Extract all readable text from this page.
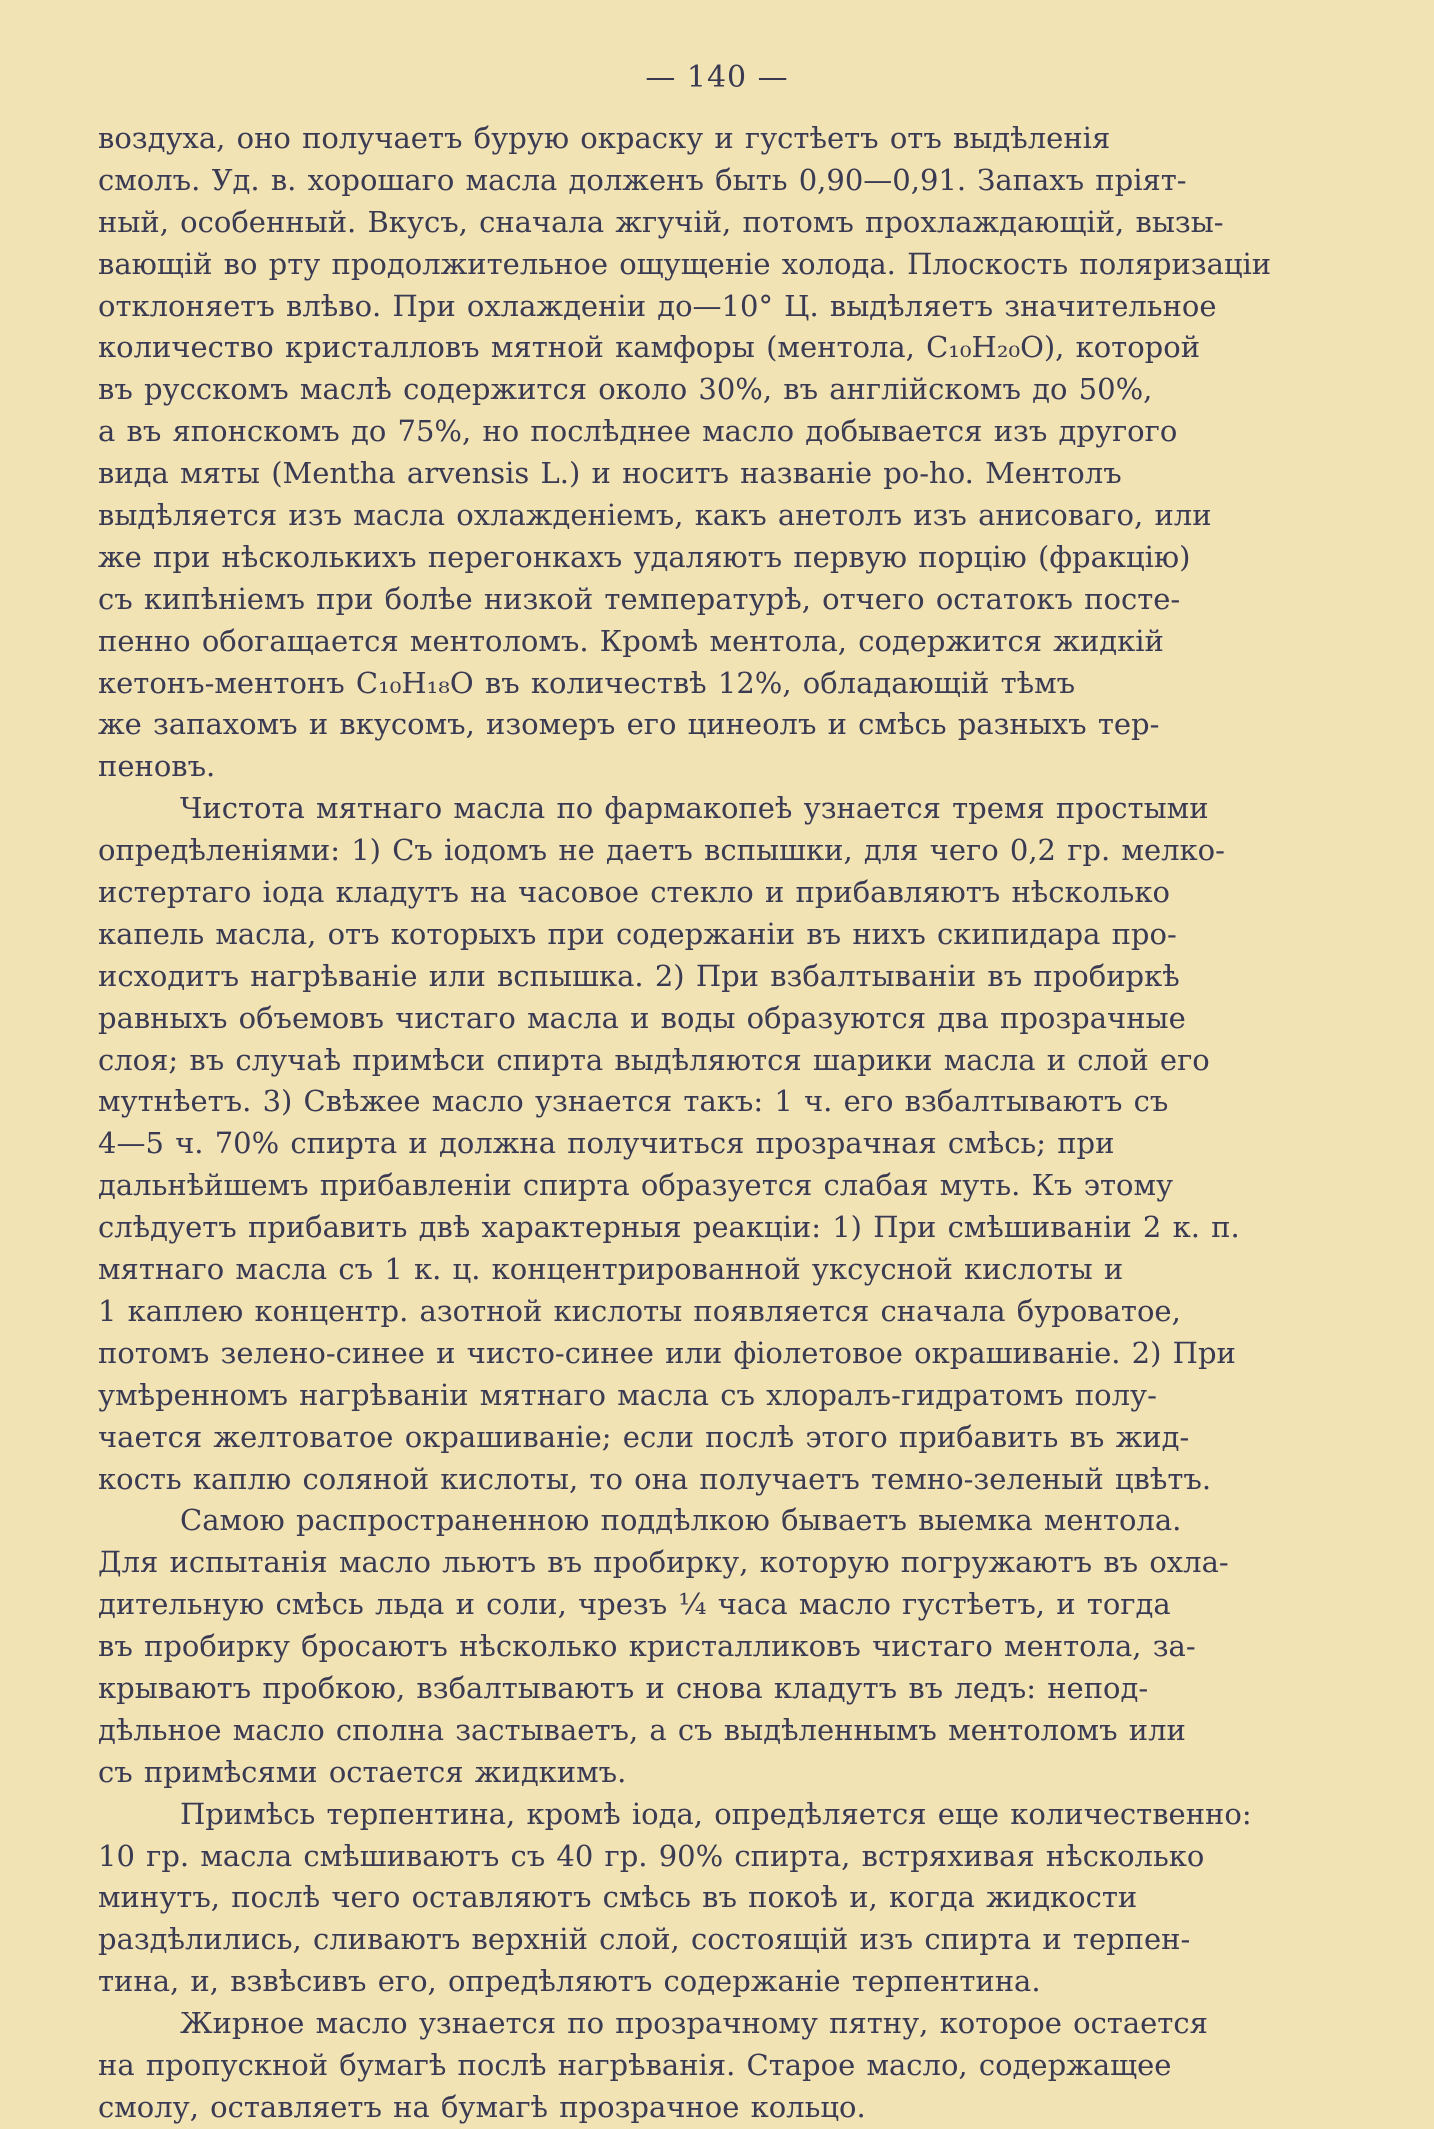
— 140 —
воздуха, оно получаетъ бурую окраску и густѣетъ отъ выдѣленія
смолъ. Уд. в. хорошаго масла долженъ быть 0,90—0,91. Запахъ пріят-
ный, особенный. Вкусъ, сначала жгучій, потомъ прохлаждающій, вызы-
вающій во рту продолжительное ощущеніе холода. Плоскость поляризаціи
отклоняетъ влѣво. При охлажденіи до—10° Ц. выдѣляетъ значительное
количество кристалловъ мятной камфоры (ментола, C₁₀H₂₀O), которой
въ русскомъ маслѣ содержится около 30%, въ англійскомъ до 50%,
а въ японскомъ до 75%, но послѣднее масло добывается изъ другого
вида мяты (Mentha arvensis L.) и носитъ названіе po-ho. Ментолъ
выдѣляется изъ масла охлажденіемъ, какъ анетолъ изъ анисоваго, или
же при нѣсколькихъ перегонкахъ удаляютъ первую порцію (фракцію)
съ кипѣніемъ при болѣе низкой температурѣ, отчего остатокъ посте-
пенно обогащается ментоломъ. Кромѣ ментола, содержится жидкій
кетонъ-ментонъ C₁₀H₁₈O въ количествѣ 12%, обладающій тѣмъ
же запахомъ и вкусомъ, изомеръ его цинеолъ и смѣсь разныхъ тер-
пеновъ.
Чистота мятнаго масла по фармакопеѣ узнается тремя простыми
опредѣленіями: 1) Съ іодомъ не даетъ вспышки, для чего 0,2 гр. мелко-
истертаго іода кладутъ на часовое стекло и прибавляютъ нѣсколько
капель масла, отъ которыхъ при содержаніи въ нихъ скипидара про-
исходитъ нагрѣваніе или вспышка. 2) При взбалтываніи въ пробиркѣ
равныхъ объемовъ чистаго масла и воды образуются два прозрачные
слоя; въ случаѣ примѣси спирта выдѣляются шарики масла и слой его
мутнѣетъ. 3) Свѣжее масло узнается такъ: 1 ч. его взбалтываютъ съ
4—5 ч. 70% спирта и должна получиться прозрачная смѣсь; при
дальнѣйшемъ прибавленіи спирта образуется слабая муть. Къ этому
слѣдуетъ прибавить двѣ характерныя реакціи: 1) При смѣшиваніи 2 к. п.
мятнаго масла съ 1 к. ц. концентрированной уксусной кислоты и
1 каплею концентр. азотной кислоты появляется сначала буроватое,
потомъ зелено-синее и чисто-синее или фіолетовое окрашиваніе. 2) При
умѣренномъ нагрѣваніи мятнаго масла съ хлоралъ-гидратомъ полу-
чается желтоватое окрашиваніе; если послѣ этого прибавить въ жид-
кость каплю соляной кислоты, то она получаетъ темно-зеленый цвѣтъ.
Самою распространенною поддѣлкою бываетъ выемка ментола.
Для испытанія масло льютъ въ пробирку, которую погружаютъ въ охла-
дительную смѣсь льда и соли, чрезъ ¼ часа масло густѣетъ, и тогда
въ пробирку бросаютъ нѣсколько кристалликовъ чистаго ментола, за-
крываютъ пробкою, взбалтываютъ и снова кладутъ въ ледъ: непод-
дѣльное масло сполна застываетъ, а съ выдѣленнымъ ментоломъ или
съ примѣсями остается жидкимъ.
Примѣсь терпентина, кромѣ іода, опредѣляется еще количественно:
10 гр. масла смѣшиваютъ съ 40 гр. 90% спирта, встряхивая нѣсколько
минутъ, послѣ чего оставляютъ смѣсь въ покоѣ и, когда жидкости
раздѣлились, сливаютъ верхній слой, состоящій изъ спирта и терпен-
тина, и, взвѣсивъ его, опредѣляютъ содержаніе терпентина.
Жирное масло узнается по прозрачному пятну, которое остается
на пропускной бумагѣ послѣ нагрѣванія. Старое масло, содержащее
смолу, оставляетъ на бумагѣ прозрачное кольцо.
